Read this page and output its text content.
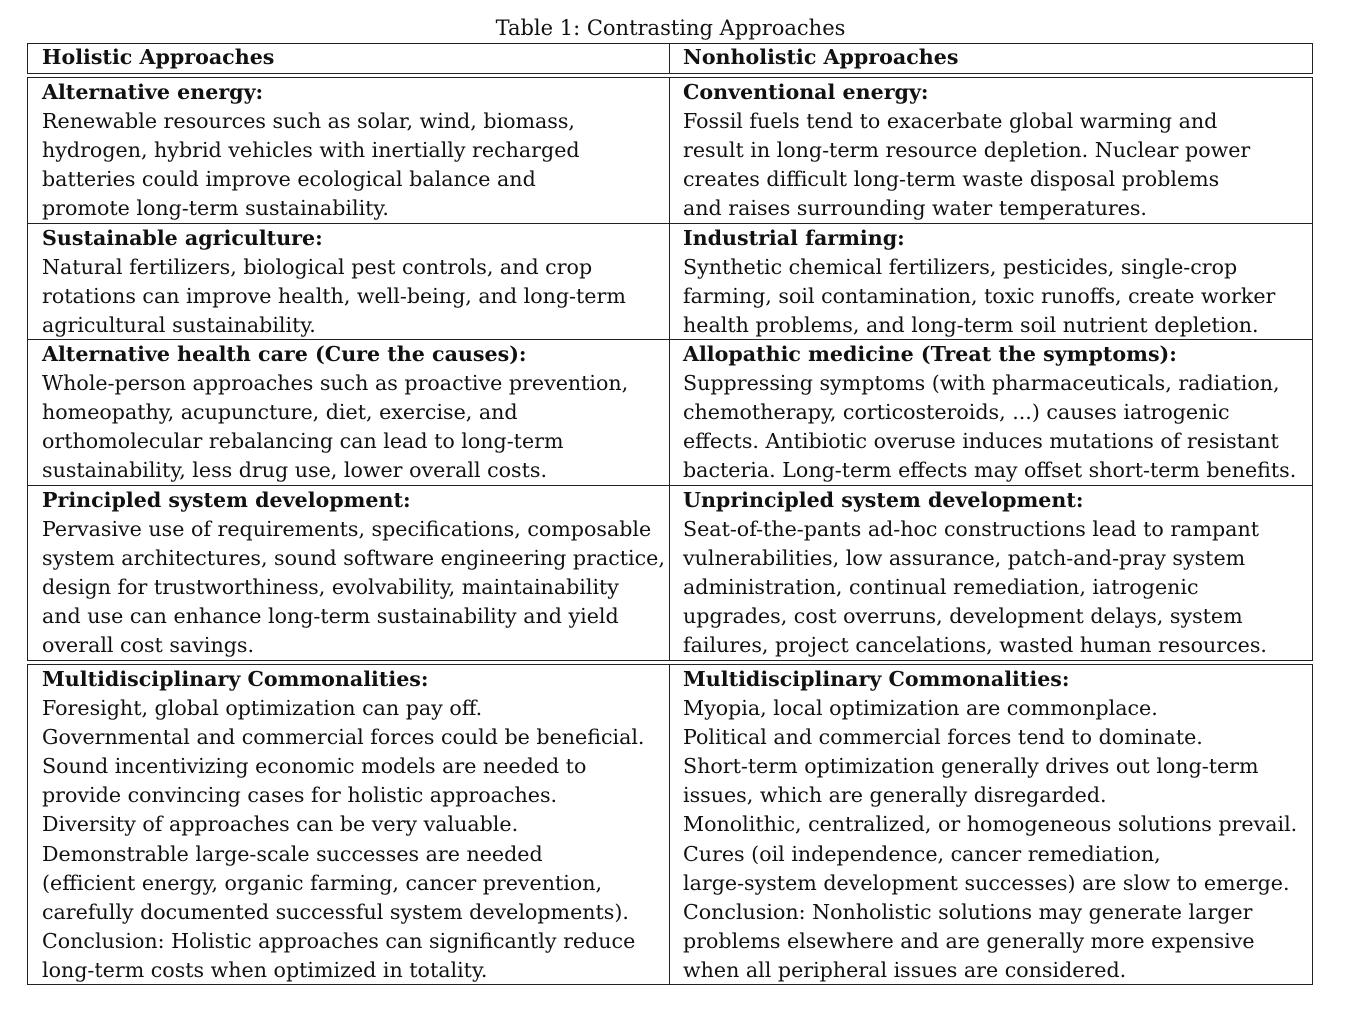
Table 1: Contrasting Approaches
Holistic Approaches	Nonholistic Approaches
Alternative energy:
Renewable resources such as solar, wind, biomass,
hydrogen, hybrid vehicles with inertially recharged
batteries could improve ecological balance and
promote long-term sustainability.
Conventional energy:
Fossil fuels tend to exacerbate global warming and
result in long-term resource depletion. Nuclear power
creates difficult long-term waste disposal problems
and raises surrounding water temperatures.
Sustainable agriculture:
Natural fertilizers, biological pest controls, and crop
rotations can improve health, well-being, and long-term
agricultural sustainability.
Industrial farming:
Synthetic chemical fertilizers, pesticides, single-crop
farming, soil contamination, toxic runoffs, create worker
health problems, and long-term soil nutrient depletion.
Alternative health care (Cure the causes):
Whole-person approaches such as proactive prevention,
homeopathy, acupuncture, diet, exercise, and
orthomolecular rebalancing can lead to long-term
sustainability, less drug use, lower overall costs.
Allopathic medicine (Treat the symptoms):
Suppressing symptoms (with pharmaceuticals, radiation,
chemotherapy, corticosteroids, ...) causes iatrogenic
effects. Antibiotic overuse induces mutations of resistant
bacteria. Long-term effects may offset short-term benefits.
Principled system development:
Pervasive use of requirements, specifications, composable
system architectures, sound software engineering practice,
design for trustworthiness, evolvability, maintainability
and use can enhance long-term sustainability and yield
overall cost savings.
Unprincipled system development:
Seat-of-the-pants ad-hoc constructions lead to rampant
vulnerabilities, low assurance, patch-and-pray system
administration, continual remediation, iatrogenic
upgrades, cost overruns, development delays, system
failures, project cancelations, wasted human resources.
Multidisciplinary Commonalities:
Foresight, global optimization can pay off.
Governmental and commercial forces could be beneficial.
Sound incentivizing economic models are needed to
provide convincing cases for holistic approaches.
Diversity of approaches can be very valuable.
Demonstrable large-scale successes are needed
(efficient energy, organic farming, cancer prevention,
carefully documented successful system developments).
Conclusion: Holistic approaches can significantly reduce
long-term costs when optimized in totality.
Multidisciplinary Commonalities:
Myopia, local optimization are commonplace.
Political and commercial forces tend to dominate.
Short-term optimization generally drives out long-term
issues, which are generally disregarded.
Monolithic, centralized, or homogeneous solutions prevail.
Cures (oil independence, cancer remediation,
large-system development successes) are slow to emerge.
Conclusion: Nonholistic solutions may generate larger
problems elsewhere and are generally more expensive
when all peripheral issues are considered.
